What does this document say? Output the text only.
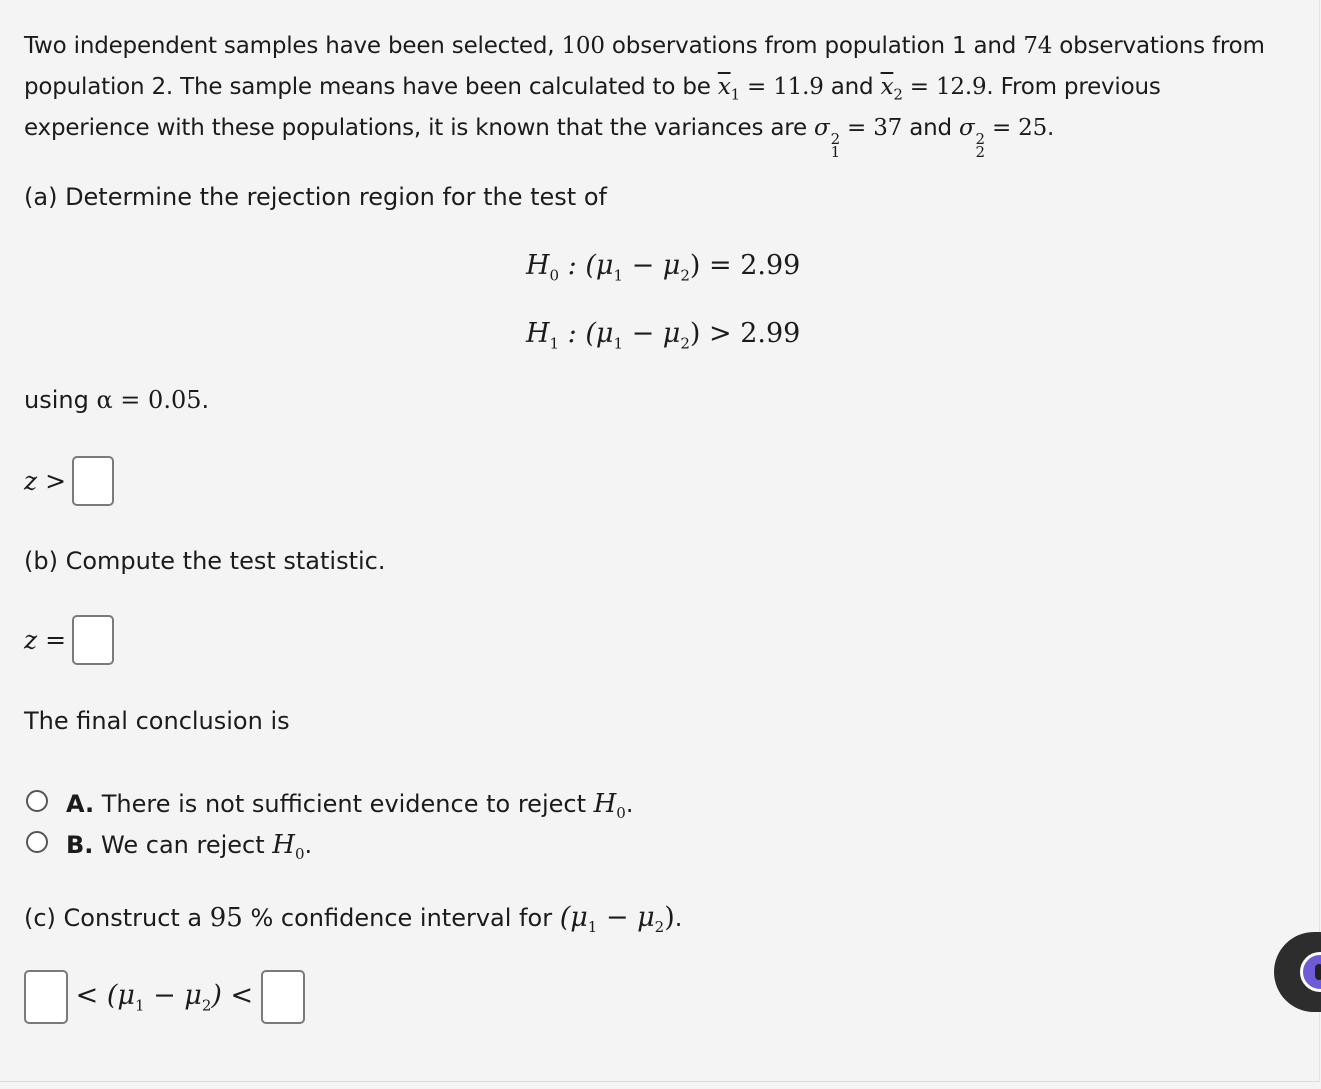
Two independent samples have been selected, 100 observations from population 1 and 74 observations from
population 2. The sample means have been calculated to be $\overline{x}_1 = 11.9$ and $\overline{x}_2 = 12.9$. From previous
experience with these populations, it is known that the variances are σ 2
1
= 37 and σ 2
2
= 25.
(a) Determine the rejection region for the test of
$H_0$ : $(\mu_1 - \mu_2) = 2.99$
$H_1$ : $(\mu_1 - \mu_2) > 2.99$
using α = 0.05.
z >
(b) Compute the test statistic.
z =
The final conclusion is
A. There is not sufficient evidence to reject $H_0$.
B. We can reject $H_0$.
(c) Construct a 95 % confidence interval for $(\mu_1 - \mu_2)$.
< $(\mu_1 - \mu_2)$ <
